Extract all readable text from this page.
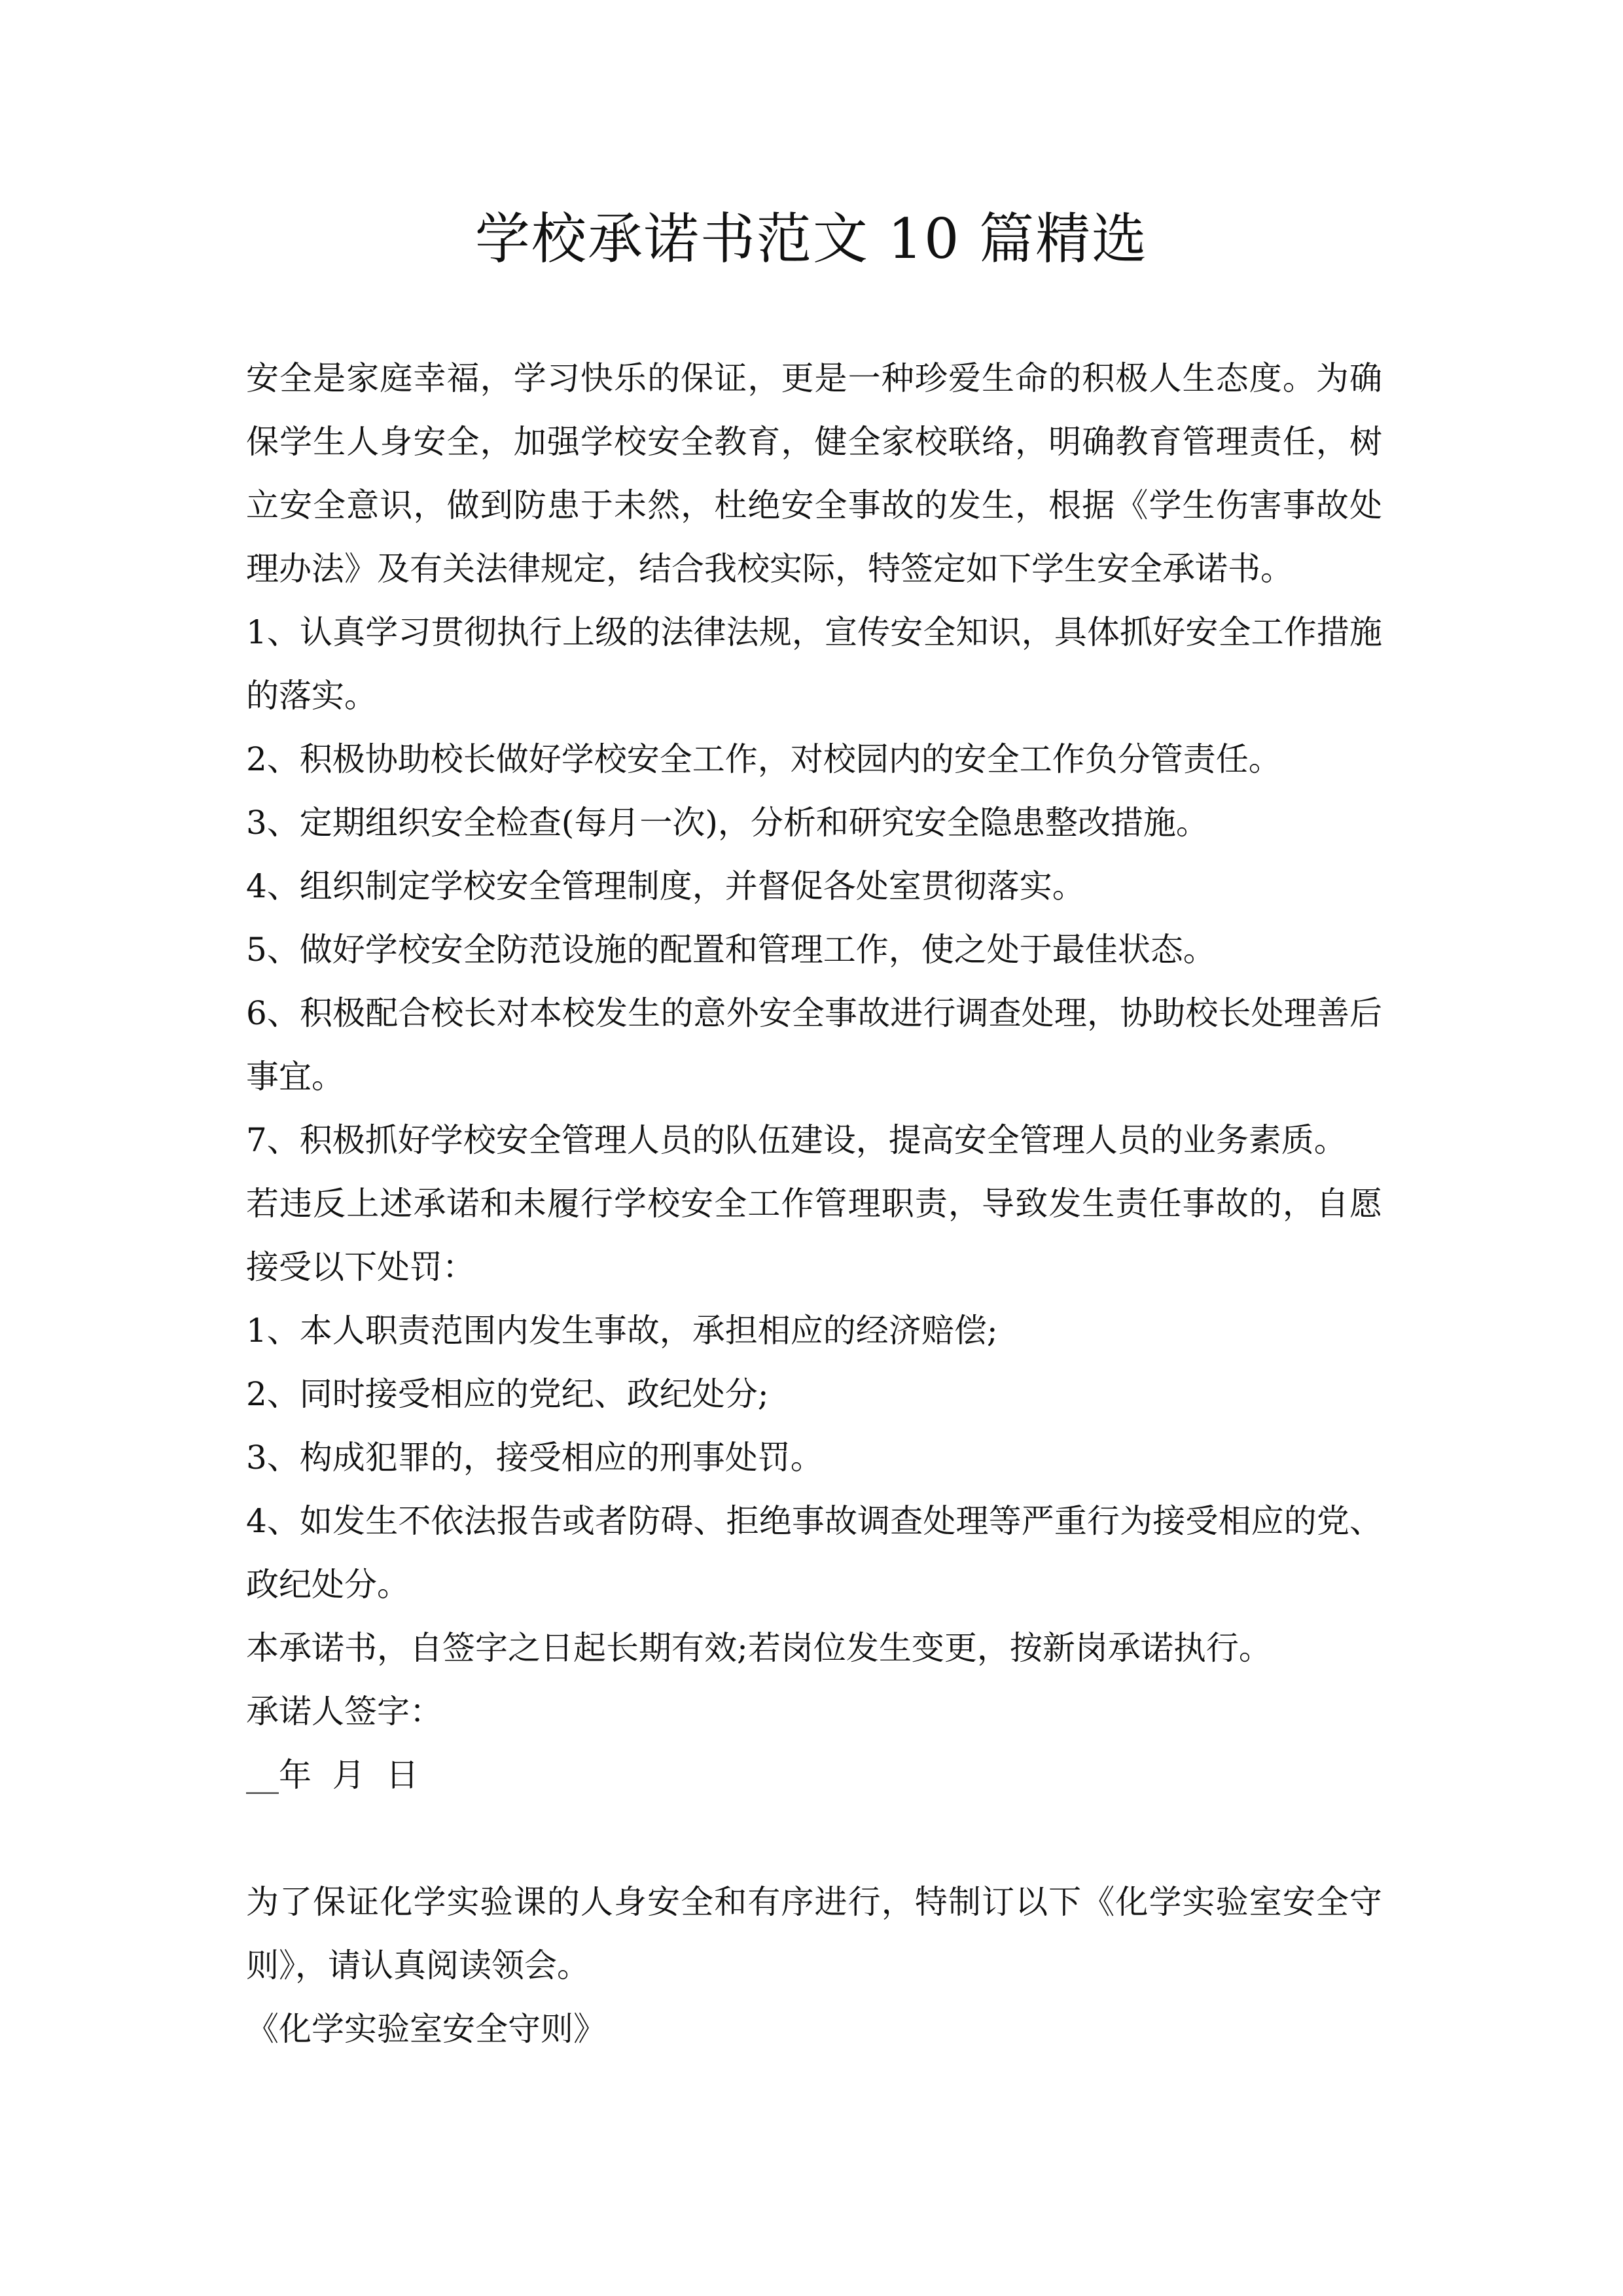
学校承诺书范文 10 篇精选

安全是家庭幸福，学习快乐的保证，更是一种珍爱生命的积极人生态度。为确保学生人身安全，加强学校安全教育，健全家校联络，明确教育管理责任，树立安全意识，做到防患于未然，杜绝安全事故的发生，根据《学生伤害事故处理办法》及有关法律规定，结合我校实际，特签定如下学生安全承诺书。

1、认真学习贯彻执行上级的法律法规，宣传安全知识，具体抓好安全工作措施的落实。

2、积极协助校长做好学校安全工作，对校园内的安全工作负分管责任。

3、定期组织安全检查(每月一次)，分析和研究安全隐患整改措施。

4、组织制定学校安全管理制度，并督促各处室贯彻落实。

5、做好学校安全防范设施的配置和管理工作，使之处于最佳状态。

6、积极配合校长对本校发生的意外安全事故进行调查处理，协助校长处理善后事宜。

7、积极抓好学校安全管理人员的队伍建设，提高安全管理人员的业务素质。

若违反上述承诺和未履行学校安全工作管理职责，导致发生责任事故的，自愿接受以下处罚：

1、本人职责范围内发生事故，承担相应的经济赔偿;

2、同时接受相应的党纪、政纪处分;

3、构成犯罪的，接受相应的刑事处罚。

4、如发生不依法报告或者防碍、拒绝事故调查处理等严重行为接受相应的党、政纪处分。

本承诺书，自签字之日起长期有效;若岗位发生变更，按新岗承诺执行。

承诺人签字：

__年  月  日

为了保证化学实验课的人身安全和有序进行，特制订以下《化学实验室安全守则》，请认真阅读领会。

《化学实验室安全守则》
